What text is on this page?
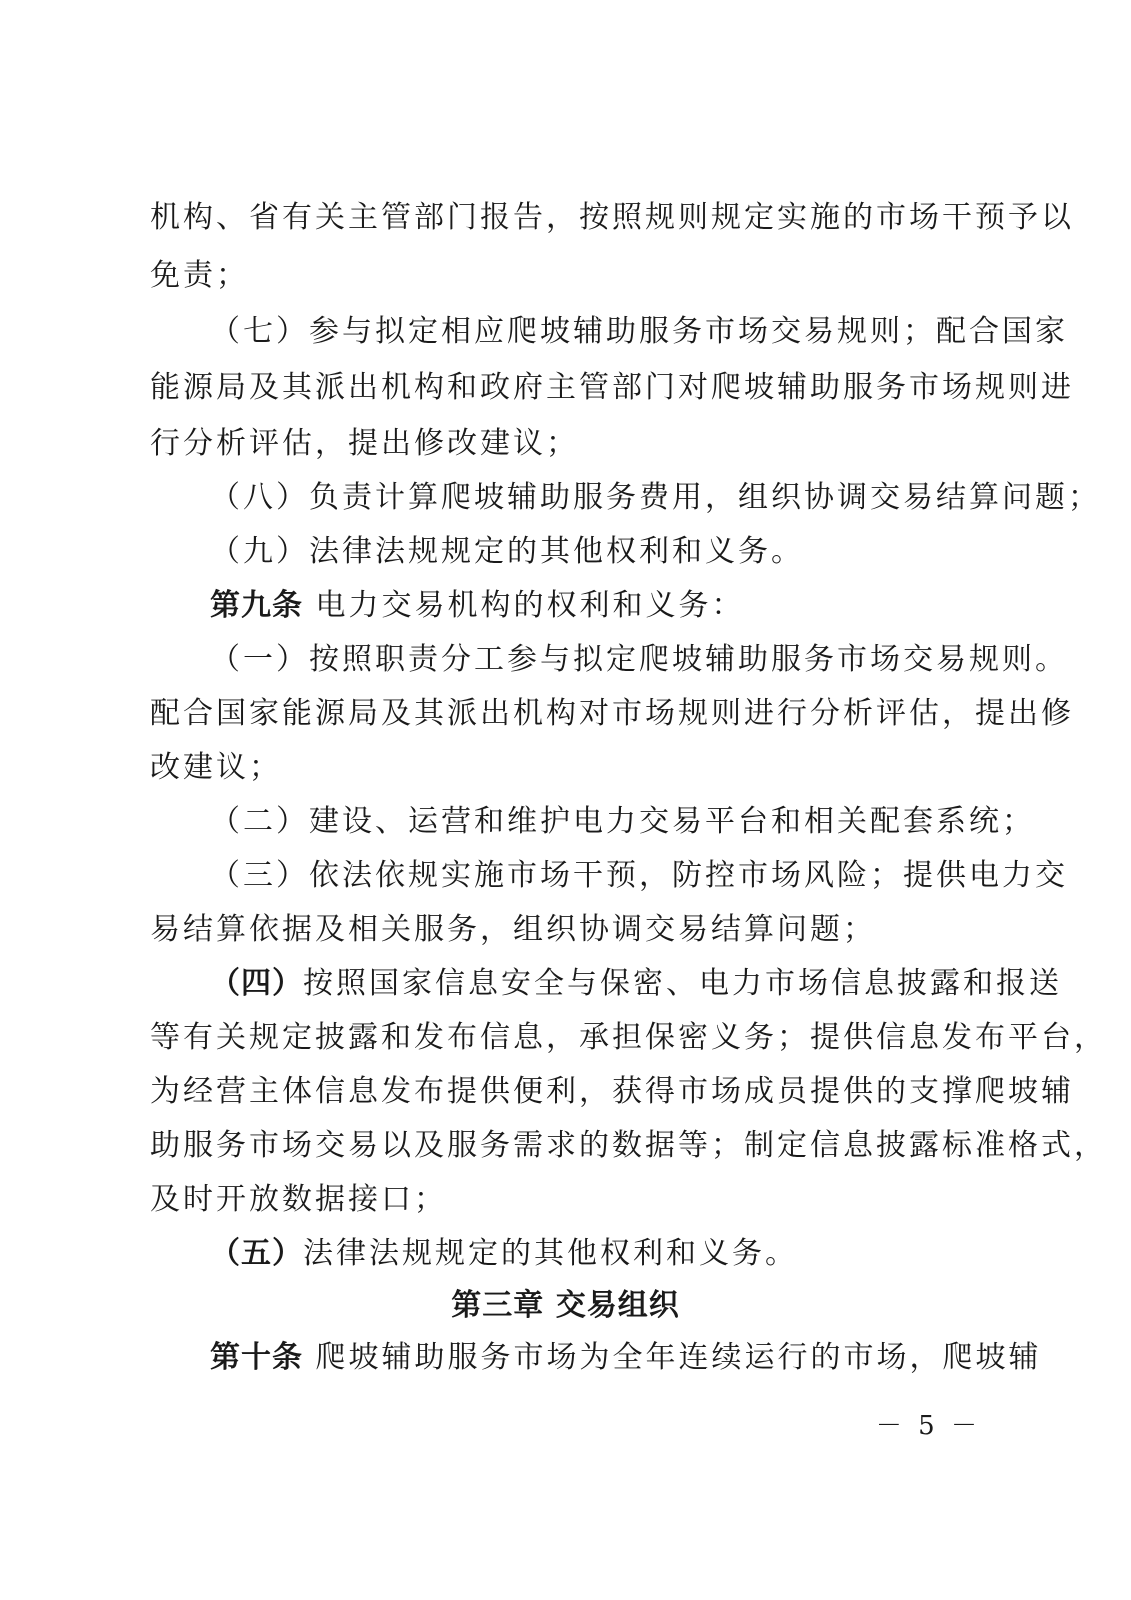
机构、省有关主管部门报告，按照规则规定实施的市场干预予以
免责；
（七）参与拟定相应爬坡辅助服务市场交易规则；配合国家
能源局及其派出机构和政府主管部门对爬坡辅助服务市场规则进
行分析评估，提出修改建议；
（八）负责计算爬坡辅助服务费用，组织协调交易结算问题；
（九）法律法规规定的其他权利和义务。
第九条 电力交易机构的权利和义务：
（一）按照职责分工参与拟定爬坡辅助服务市场交易规则。
配合国家能源局及其派出机构对市场规则进行分析评估，提出修
改建议；
（二）建设、运营和维护电力交易平台和相关配套系统；
（三）依法依规实施市场干预，防控市场风险；提供电力交
易结算依据及相关服务，组织协调交易结算问题；
（四）按照国家信息安全与保密、电力市场信息披露和报送
等有关规定披露和发布信息，承担保密义务；提供信息发布平台，
为经营主体信息发布提供便利，获得市场成员提供的支撑爬坡辅
助服务市场交易以及服务需求的数据等；制定信息披露标准格式，
及时开放数据接口；
（五）法律法规规定的其他权利和义务。
第三章 交易组织
第十条 爬坡辅助服务市场为全年连续运行的市场，爬坡辅
－ 5 －
